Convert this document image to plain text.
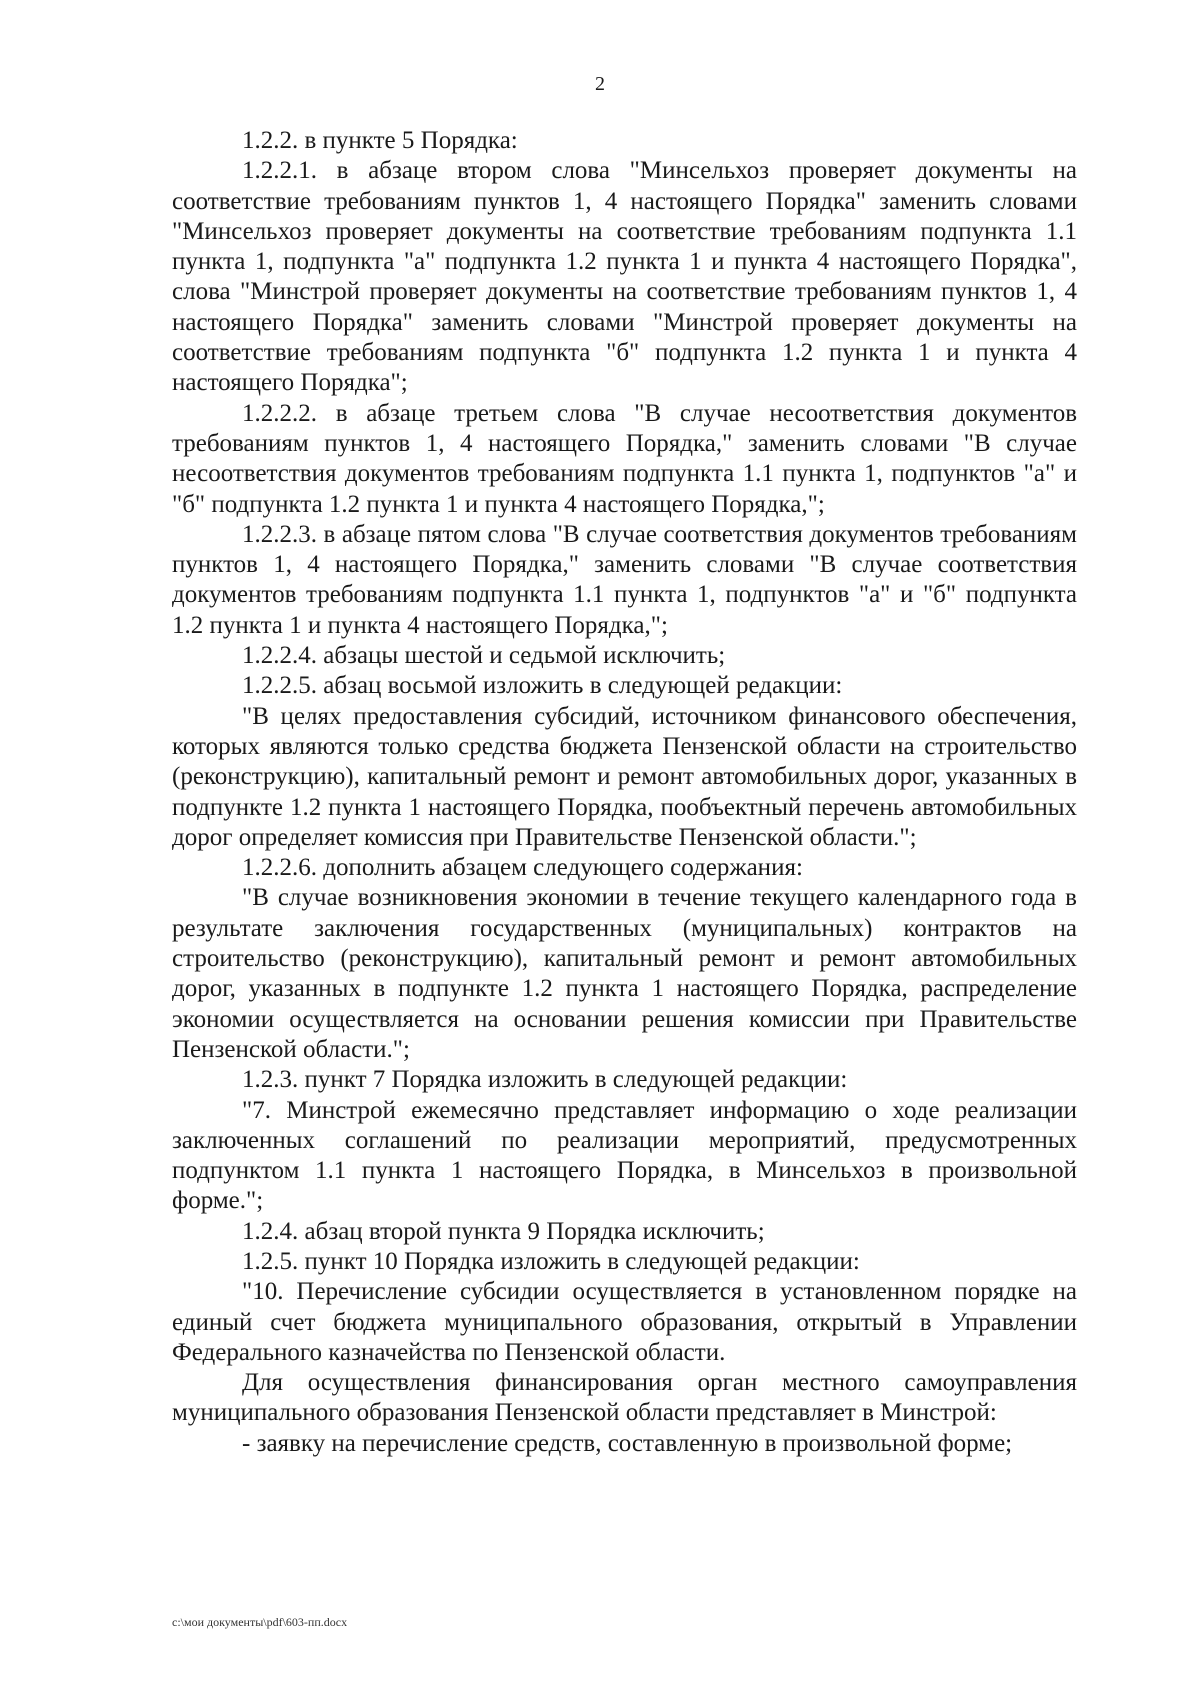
2

1.2.2. в пункте 5 Порядка:

1.2.2.1. в абзаце втором слова "Минсельхоз проверяет документы на соответствие требованиям пунктов 1, 4 настоящего Порядка" заменить словами "Минсельхоз проверяет документы на соответствие требованиям подпункта 1.1 пункта 1, подпункта "а" подпункта 1.2 пункта 1 и пункта 4 настоящего Порядка", слова "Минстрой проверяет документы на соответствие требованиям пунктов 1, 4 настоящего Порядка" заменить словами "Минстрой проверяет документы на соответствие требованиям подпункта "б" подпункта 1.2 пункта 1 и пункта 4 настоящего Порядка";

1.2.2.2. в абзаце третьем слова "В случае несоответствия документов требованиям пунктов 1, 4 настоящего Порядка," заменить словами "В случае несоответствия документов требованиям подпункта 1.1 пункта 1, подпунктов "а" и "б" подпункта 1.2 пункта 1 и пункта 4 настоящего Порядка,";

1.2.2.3. в абзаце пятом слова "В случае соответствия документов требованиям пунктов 1, 4 настоящего Порядка," заменить словами "В случае соответствия документов требованиям подпункта 1.1 пункта 1, подпунктов "а" и "б" подпункта 1.2 пункта 1 и пункта 4 настоящего Порядка,";

1.2.2.4. абзацы шестой и седьмой исключить;

1.2.2.5. абзац восьмой изложить в следующей редакции:

"В целях предоставления субсидий, источником финансового обеспечения, которых являются только средства бюджета Пензенской области на строительство (реконструкцию), капитальный ремонт и ремонт автомобильных дорог, указанных в подпункте 1.2 пункта 1 настоящего Порядка, пообъектный перечень автомобильных дорог определяет комиссия при Правительстве Пензенской области.";

1.2.2.6. дополнить абзацем следующего содержания:

"В случае возникновения экономии в течение текущего календарного года в результате заключения государственных (муниципальных) контрактов на строительство (реконструкцию), капитальный ремонт и ремонт автомобильных дорог, указанных в подпункте 1.2 пункта 1 настоящего Порядка, распределение экономии осуществляется на основании решения комиссии при Правительстве Пензенской области.";

1.2.3. пункт 7 Порядка изложить в следующей редакции:

"7. Минстрой ежемесячно представляет информацию о ходе реализации заключенных соглашений по реализации мероприятий, предусмотренных подпунктом 1.1 пункта 1 настоящего Порядка, в Минсельхоз в произвольной форме.";

1.2.4. абзац второй пункта 9 Порядка исключить;

1.2.5. пункт 10 Порядка изложить в следующей редакции:

"10. Перечисление субсидии осуществляется в установленном порядке на единый счет бюджета муниципального образования, открытый в Управлении Федерального казначейства по Пензенской области.

Для осуществления финансирования орган местного самоуправления муниципального образования Пензенской области представляет в Минстрой:

- заявку на перечисление средств, составленную в произвольной форме;

c:\мои документы\pdf\603-пп.docx
